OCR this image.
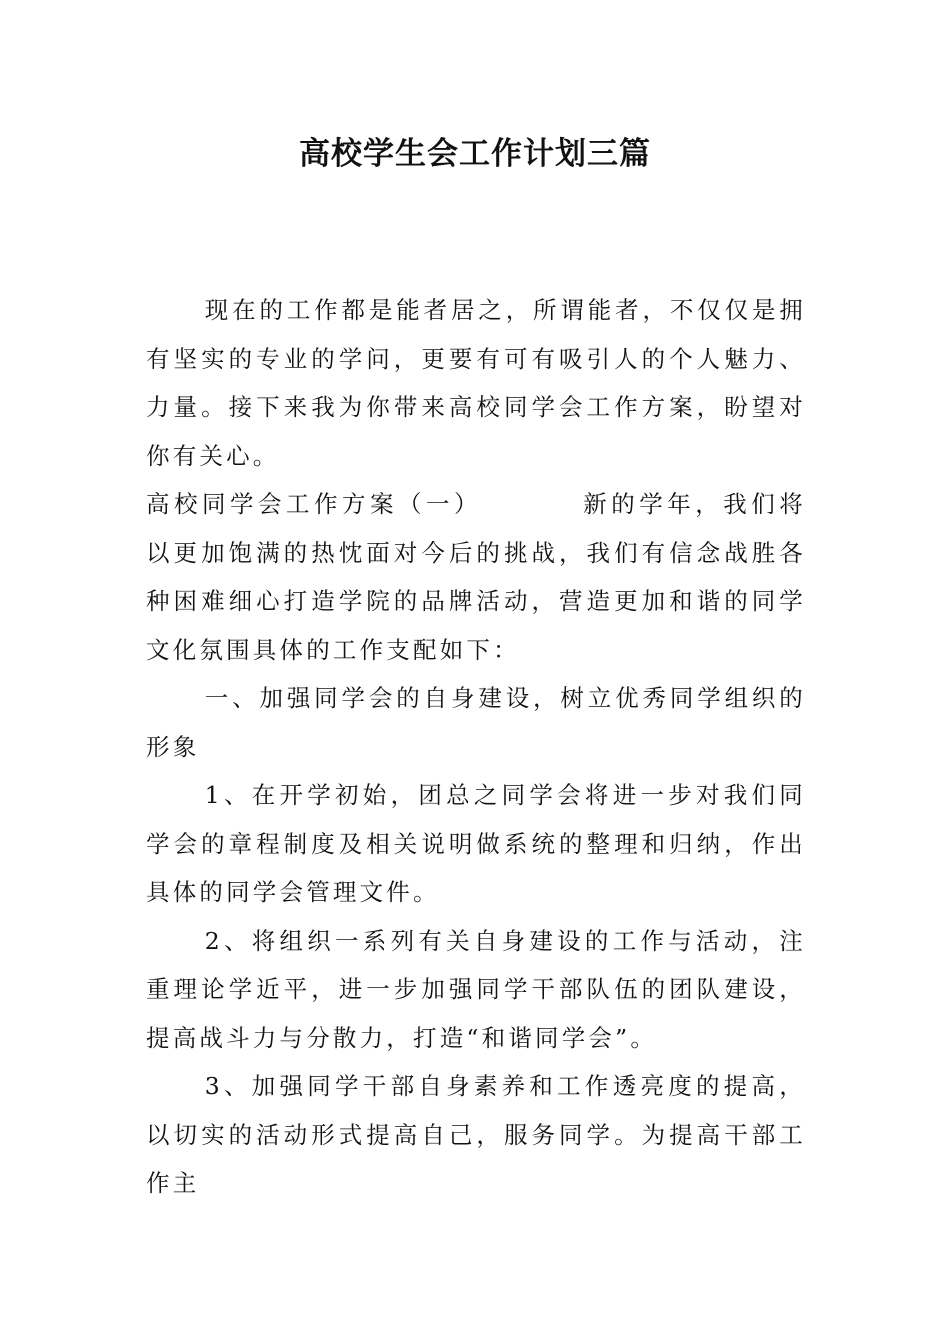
高校学生会工作计划三篇

现在的工作都是能者居之，所谓能者，不仅仅是拥有坚实的专业的学问，更要有可有吸引人的个人魅力、力量。接下来我为你带来高校同学会工作方案，盼望对你有关心。

高校同学会工作方案（一）	新的学年，我们将以更加饱满的热忱面对今后的挑战，我们有信念战胜各种困难细心打造学院的品牌活动，营造更加和谐的同学文化氛围具体的工作支配如下：

一、加强同学会的自身建设，树立优秀同学组织的形象

1、在开学初始，团总之同学会将进一步对我们同学会的章程制度及相关说明做系统的整理和归纳，作出具体的同学会管理文件。

2、将组织一系列有关自身建设的工作与活动，注重理论学近平，进一步加强同学干部队伍的团队建设，提高战斗力与分散力，打造“和谐同学会”。

3、加强同学干部自身素养和工作透亮度的提高，以切实的活动形式提高自己，服务同学。为提高干部工作主
